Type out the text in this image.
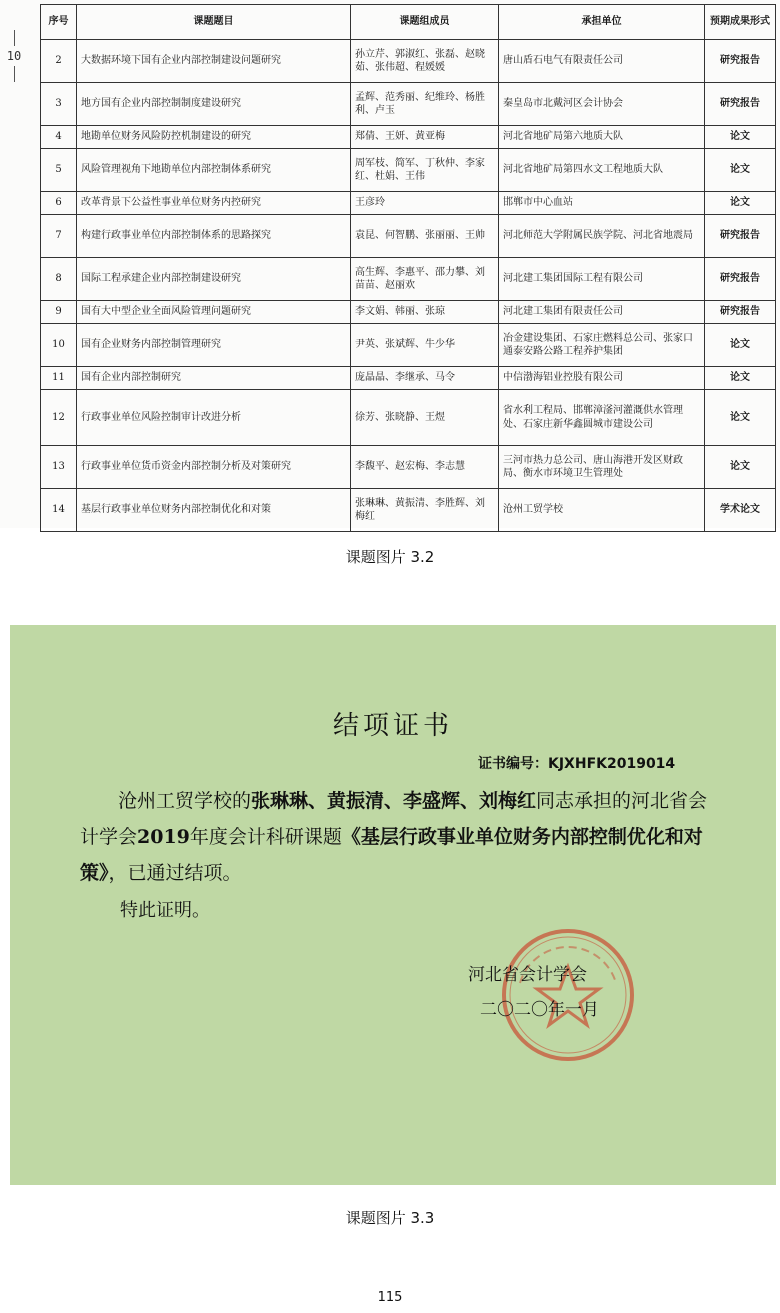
10
序号	课题题目	课题组成员	承担单位	预期成果形式
2	大数据环境下国有企业内部控制建设问题研究	孙立芹、郭淑红、张磊、赵晓茹、张伟超、程媛媛	唐山盾石电气有限责任公司	研究报告
3	地方国有企业内部控制制度建设研究	孟辉、范秀丽、纪维玲、杨胜利、卢玉	秦皇岛市北戴河区会计协会	研究报告
4	地勘单位财务风险防控机制建设的研究	郑倩、王妍、黄亚梅	河北省地矿局第六地质大队	论文
5	风险管理视角下地勘单位内部控制体系研究	周军枝、简军、丁秋仲、李家红、杜娟、王伟	河北省地矿局第四水文工程地质大队	论文
6	改革背景下公益性事业单位财务内控研究	王彦玲	邯郸市中心血站	论文
7	构建行政事业单位内部控制体系的思路探究	袁昆、何智鹏、张丽丽、王帅	河北师范大学附属民族学院、河北省地震局	研究报告
8	国际工程承建企业内部控制建设研究	高生辉、李惠平、邵力攀、刘苗苗、赵丽欢	河北建工集团国际工程有限公司	研究报告
9	国有大中型企业全面风险管理问题研究	李文娟、韩丽、张琼	河北建工集团有限责任公司	研究报告
10	国有企业财务内部控制管理研究	尹英、张斌辉、牛少华	冶金建设集团、石家庄燃料总公司、张家口通泰安路公路工程养护集团	论文
11	国有企业内部控制研究	庞晶晶、李继承、马令	中信渤海铝业控股有限公司	论文
12	行政事业单位风险控制审计改进分析	徐芳、张晓静、王煜	省水利工程局、邯郸漳滏河灌溉供水管理处、石家庄新华鑫圆城市建设公司	论文
13	行政事业单位货币资金内部控制分析及对策研究	李馥平、赵宏梅、李志慧	三河市热力总公司、唐山海港开发区财政局、衡水市环境卫生管理处	论文
14	基层行政事业单位财务内部控制优化和对策	张琳琳、黄振清、李胜辉、刘梅红	沧州工贸学校	学术论文
课题图片 3.2
结项证书
证书编号：KJXHFK2019014
沧州工贸学校的张琳琳、黄振清、李盛辉、刘梅红同志承担的河北省会计学会2019年度会计科研课题《基层行政事业单位财务内部控制优化和对策》，已通过结项。
特此证明。
河北省会计学会
二〇二〇年一月
课题图片 3.3
115
